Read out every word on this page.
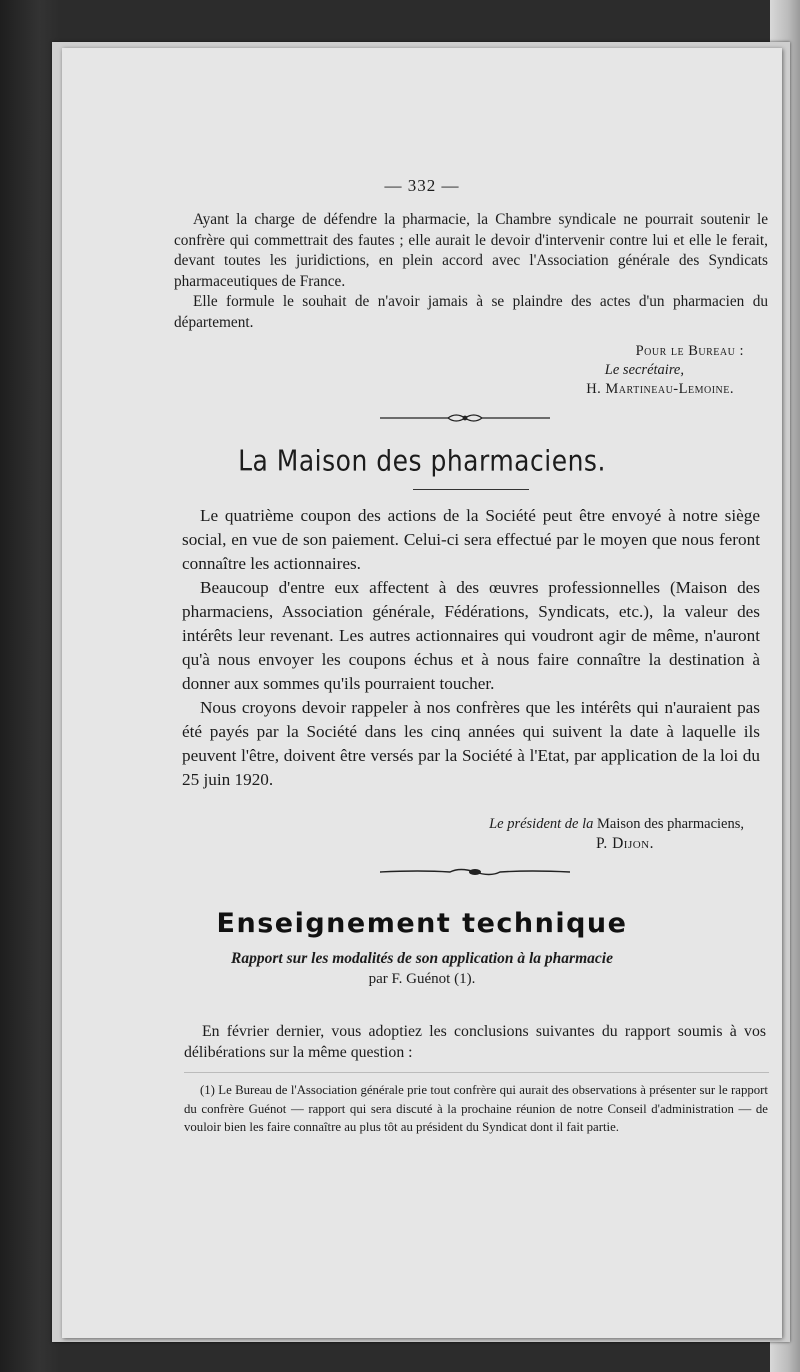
— 332 —

Ayant la charge de défendre la pharmacie, la Chambre syndicale ne pourrait soutenir le confrère qui commettrait des fautes ; elle aurait le devoir d'intervenir contre lui et elle le ferait, devant toutes les juridictions, en plein accord avec l'Association générale des Syndicats pharmaceutiques de France.

Elle formule le souhait de n'avoir jamais à se plaindre des actes d'un pharmacien du département.

Pour le Bureau :
Le secrétaire,
H. Martineau-Lemoine.
La Maison des pharmaciens.

Le quatrième coupon des actions de la Société peut être envoyé à notre siège social, en vue de son paiement. Celui-ci sera effectué par le moyen que nous feront connaître les actionnaires.

Beaucoup d'entre eux affectent à des œuvres professionnelles (Maison des pharmaciens, Association générale, Fédérations, Syndicats, etc.), la valeur des intérêts leur revenant. Les autres actionnaires qui voudront agir de même, n'auront qu'à nous envoyer les coupons échus et à nous faire connaître la destination à donner aux sommes qu'ils pourraient toucher.

Nous croyons devoir rappeler à nos confrères que les intérêts qui n'auraient pas été payés par la Société dans les cinq années qui suivent la date à laquelle ils peuvent l'être, doivent être versés par la Société à l'Etat, par application de la loi du 25 juin 1920.

Le président de la Maison des pharmaciens,
P. Dijon.
Enseignement technique
Rapport sur les modalités de son application à la pharmacie
par F. Guénot (1).

En février dernier, vous adoptiez les conclusions suivantes du rapport soumis à vos délibérations sur la même question :

(1) Le Bureau de l'Association générale prie tout confrère qui aurait des observations à présenter sur le rapport du confrère Guénot — rapport qui sera discuté à la prochaine réunion de notre Conseil d'administration — de vouloir bien les faire connaître au plus tôt au président du Syndicat dont il fait partie.
